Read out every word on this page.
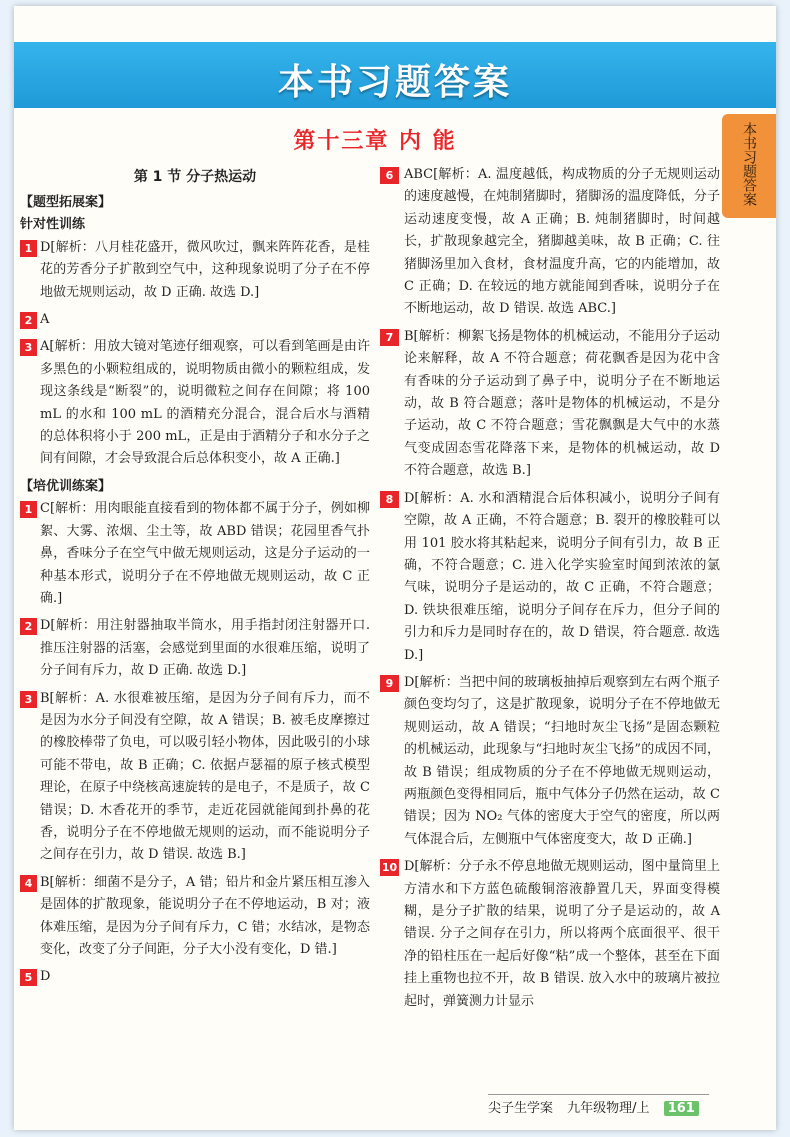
本书习题答案
本书习题答案
第十三章 内 能
第 1 节 分子热运动
【题型拓展案】
针对性训练
1 D[解析：八月桂花盛开，微风吹过，飘来阵阵花香，是桂花的芳香分子扩散到空气中，这种现象说明了分子在不停地做无规则运动，故 D 正确. 故选 D.]
2 A
3 A[解析：用放大镜对笔迹仔细观察，可以看到笔画是由许多黑色的小颗粒组成的，说明物质由微小的颗粒组成，发现这条线是“断裂”的，说明微粒之间存在间隙；将 100 mL 的水和 100 mL 的酒精充分混合，混合后水与酒精的总体积将小于 200 mL，正是由于酒精分子和水分子之间有间隙，才会导致混合后总体积变小，故 A 正确.]
【培优训练案】
1 C[解析：用肉眼能直接看到的物体都不属于分子，例如柳絮、大雾、浓烟、尘土等，故 ABD 错误；花园里香气扑鼻，香味分子在空气中做无规则运动，这是分子运动的一种基本形式，说明分子在不停地做无规则运动，故 C 正确.]
2 D[解析：用注射器抽取半筒水，用手指封闭注射器开口. 推压注射器的活塞，会感觉到里面的水很难压缩，说明了分子间有斥力，故 D 正确. 故选 D.]
3 B[解析：A. 水很难被压缩，是因为分子间有斥力，而不是因为水分子间没有空隙，故 A 错误；B. 被毛皮摩擦过的橡胶棒带了负电，可以吸引轻小物体，因此吸引的小球可能不带电，故 B 正确；C. 依据卢瑟福的原子核式模型理论，在原子中绕核高速旋转的是电子，不是质子，故 C 错误；D. 木香花开的季节，走近花园就能闻到扑鼻的花香，说明分子在不停地做无规则的运动，而不能说明分子之间存在引力，故 D 错误. 故选 B.]
4 B[解析：细菌不是分子，A 错；铅片和金片紧压相互渗入是固体的扩散现象，能说明分子在不停地运动，B 对；液体难压缩，是因为分子间有斥力，C 错；水结冰，是物态变化，改变了分子间距，分子大小没有变化，D 错.]
5 D
6 ABC[解析：A. 温度越低，构成物质的分子无规则运动的速度越慢，在炖制猪脚时，猪脚汤的温度降低，分子运动速度变慢，故 A 正确；B. 炖制猪脚时，时间越长，扩散现象越完全，猪脚越美味，故 B 正确；C. 往猪脚汤里加入食材，食材温度升高，它的内能增加，故 C 正确；D. 在较远的地方就能闻到香味，说明分子在不断地运动，故 D 错误. 故选 ABC.]
7 B[解析：柳絮飞扬是物体的机械运动，不能用分子运动论来解释，故 A 不符合题意；荷花飘香是因为花中含有香味的分子运动到了鼻子中，说明分子在不断地运动，故 B 符合题意；落叶是物体的机械运动，不是分子运动，故 C 不符合题意；雪花飘飘是大气中的水蒸气变成固态雪花降落下来，是物体的机械运动，故 D 不符合题意，故选 B.]
8 D[解析：A. 水和酒精混合后体积减小，说明分子间有空隙，故 A 正确，不符合题意；B. 裂开的橡胶鞋可以用 101 胶水将其粘起来，说明分子间有引力，故 B 正确，不符合题意；C. 进入化学实验室时闻到浓浓的氯气味，说明分子是运动的，故 C 正确，不符合题意；D. 铁块很难压缩，说明分子间存在斥力，但分子间的引力和斥力是同时存在的，故 D 错误，符合题意. 故选 D.]
9 D[解析：当把中间的玻璃板抽掉后观察到左右两个瓶子颜色变均匀了，这是扩散现象，说明分子在不停地做无规则运动，故 A 错误；“扫地时灰尘飞扬”是固态颗粒的机械运动，此现象与“扫地时灰尘飞扬”的成因不同，故 B 错误；组成物质的分子在不停地做无规则运动，两瓶颜色变得相同后，瓶中气体分子仍然在运动，故 C 错误；因为 NO₂ 气体的密度大于空气的密度，所以两气体混合后，左侧瓶中气体密度变大，故 D 正确.]
10 D[解析：分子永不停息地做无规则运动，图中量筒里上方清水和下方蓝色硫酸铜溶液静置几天，界面变得模糊，是分子扩散的结果，说明了分子是运动的，故 A 错误. 分子之间存在引力，所以将两个底面很平、很干净的铅柱压在一起后好像“粘”成一个整体，甚至在下面挂上重物也拉不开，故 B 错误. 放入水中的玻璃片被拉起时，弹簧测力计显示
尖子生学案 九年级物理/上 161
